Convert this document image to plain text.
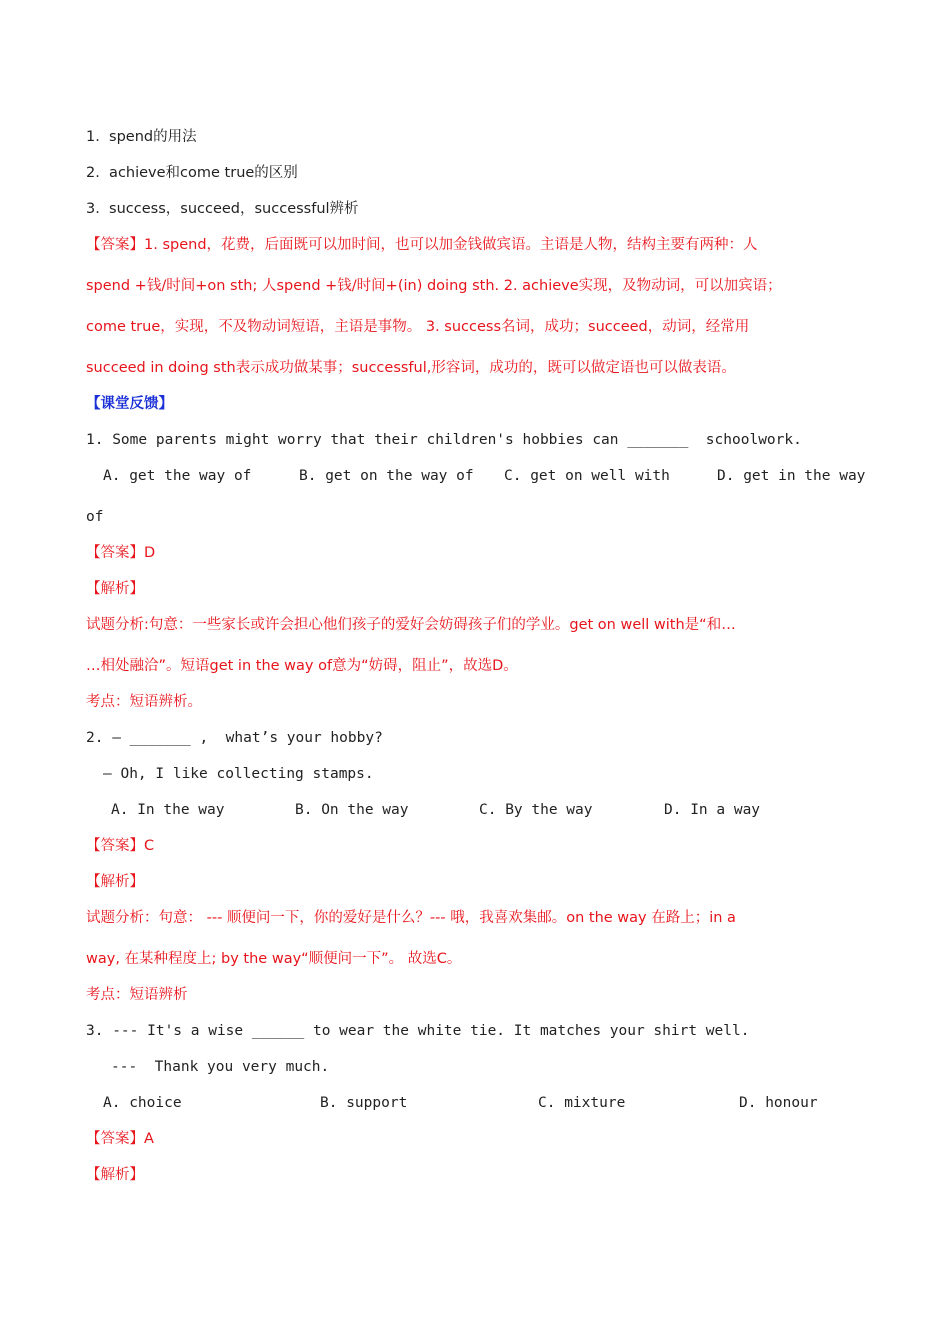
1.  spend的用法
2.  achieve和come true的区别
3.  success，succeed，successful辨析
【答案】1. spend，花费，后面既可以加时间，也可以加金钱做宾语。主语是人物，结构主要有两种：人
spend +钱/时间+on sth; 人spend +钱/时间+(in) doing sth. 2. achieve实现，及物动词，可以加宾语；
come true，实现，不及物动词短语，主语是事物。 3. success名词，成功；succeed，动词，经常用
succeed in doing sth表示成功做某事；successful,形容词，成功的，既可以做定语也可以做表语。
【课堂反馈】
1. Some parents might worry that their children's hobbies can _______  schoolwork.
A. get the way of	B. get on the way of C. get on well with	D. get in the way
of
【答案】D
【解析】
试题分析:句意：一些家长或许会担心他们孩子的爱好会妨碍孩子们的学业。get on well with是“和…
…相处融洽”。短语get in the way of意为“妨碍，阻止”，故选D。
考点：短语辨析。
2. — _______ ,  what’s your hobby?
— Oh, I like collecting stamps.
A. In the way	B. On the way	C. By the way	D. In a way
【答案】C
【解析】
试题分析：句意： --- 顺便问一下，你的爱好是什么？--- 哦，我喜欢集邮。on the way 在路上；in a
way, 在某种程度上; by the way“顺便问一下”。 故选C。
考点：短语辨析
3. --- It's a wise ______ to wear the white tie. It matches your shirt well.
---  Thank you very much.
A. choice	B. support	C. mixture	D. honour
【答案】A
【解析】
